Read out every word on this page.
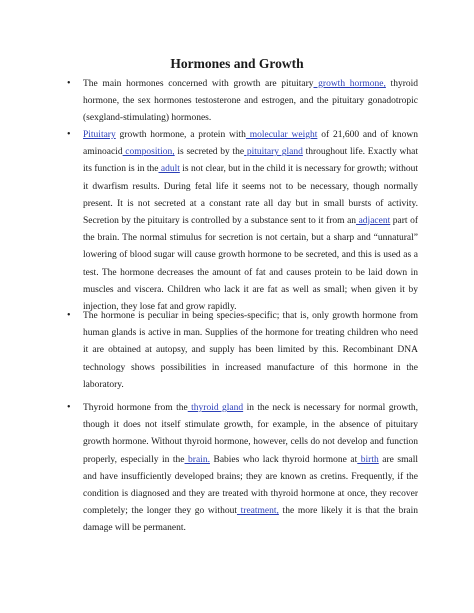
Hormones and Growth
• The main hormones concerned with growth are pituitary growth hormone, thyroid hormone, the sex hormones testosterone and estrogen, and the pituitary gonadotropic (sexgland-stimulating) hormones.
• Pituitary growth hormone, a protein with molecular weight of 21,600 and of known aminoacid composition, is secreted by the pituitary gland throughout life. Exactly what its function is in the adult is not clear, but in the child it is necessary for growth; without it dwarfism results. During fetal life it seems not to be necessary, though normally present. It is not secreted at a constant rate all day but in small bursts of activity. Secretion by the pituitary is controlled by a substance sent to it from an adjacent part of the brain. The normal stimulus for secretion is not certain, but a sharp and “unnatural” lowering of blood sugar will cause growth hormone to be secreted, and this is used as a test. The hormone decreases the amount of fat and causes protein to be laid down in muscles and viscera. Children who lack it are fat as well as small; when given it by injection, they lose fat and grow rapidly.
• The hormone is peculiar in being species-specific; that is, only growth hormone from human glands is active in man. Supplies of the hormone for treating children who need it are obtained at autopsy, and supply has been limited by this. Recombinant DNA technology shows possibilities in increased manufacture of this hormone in the laboratory.
• Thyroid hormone from the thyroid gland in the neck is necessary for normal growth, though it does not itself stimulate growth, for example, in the absence of pituitary growth hormone. Without thyroid hormone, however, cells do not develop and function properly, especially in the brain. Babies who lack thyroid hormone at birth are small and have insufficiently developed brains; they are known as cretins. Frequently, if the condition is diagnosed and they are treated with thyroid hormone at once, they recover completely; the longer they go without treatment, the more likely it is that the brain damage will be permanent.
